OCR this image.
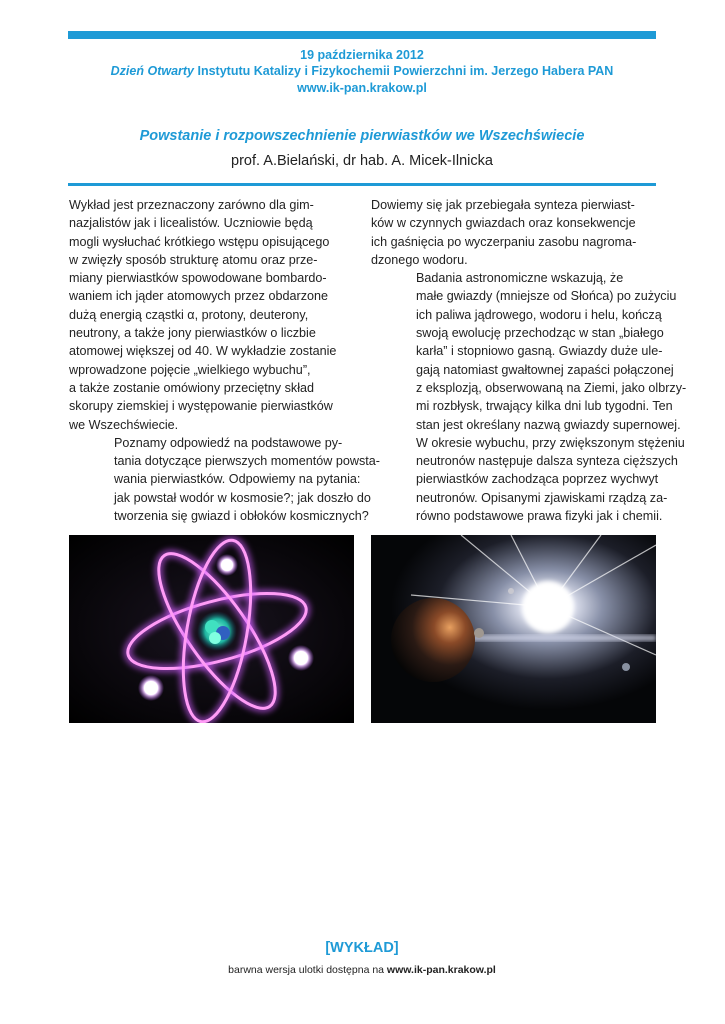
19 października 2012
Dzień Otwarty Instytutu Katalizy i Fizykochemii Powierzchni im. Jerzego Habera PAN
www.ik-pan.krakow.pl
Powstanie i rozpowszechnienie pierwiastków we Wszechświecie
prof. A.Bielański, dr hab. A. Micek-Ilnicka

Wykład jest przeznaczony zarówno dla gim-
nazjalistów jak i licealistów. Uczniowie będą
mogli wysłuchać krótkiego wstępu opisującego
w zwięzły sposób strukturę atomu oraz prze-
miany pierwiastków spowodowane bombardo-
waniem ich jąder atomowych przez obdarzone
dużą energią cząstki α, protony, deuterony,
neutrony, a także jony pierwiastków o liczbie
atomowej większej od 40. W wykładzie zostanie
wprowadzone pojęcie „wielkiego wybuchu”,
a także zostanie omówiony przeciętny skład
skorupy ziemskiej i występowanie pierwiastków
we Wszechświecie.

Poznamy odpowiedź na podstawowe py-
tania dotyczące pierwszych momentów powsta-
wania pierwiastków. Odpowiemy na pytania:
jak powstał wodór w kosmosie?; jak doszło do
tworzenia się gwiazd i obłoków kosmicznych?

Dowiemy się jak przebiegała synteza pierwiast-
ków w czynnych gwiazdach oraz konsekwencje
ich gaśnięcia po wyczerpaniu zasobu nagroma-
dzonego wodoru.

Badania astronomiczne wskazują, że
małe gwiazdy (mniejsze od Słońca) po zużyciu
ich paliwa jądrowego, wodoru i helu, kończą
swoją ewolucję przechodząc w stan „białego
karła” i stopniowo gasną. Gwiazdy duże ule-
gają natomiast gwałtownej zapaści połączonej
z eksplozją, obserwowaną na Ziemi, jako olbrzy-
mi rozbłysk, trwający kilka dni lub tygodni. Ten
stan jest określany nazwą gwiazdy supernowej.
W okresie wybuchu, przy zwiększonym stężeniu
neutronów następuje dalsza synteza cięższych
pierwiastków zachodząca poprzez wychwyt
neutronów. Opisanymi zjawiskami rządzą za-
równo podstawowe prawa fizyki jak i chemii.

[WYKŁAD]
barwna wersja ulotki dostępna na www.ik-pan.krakow.pl
